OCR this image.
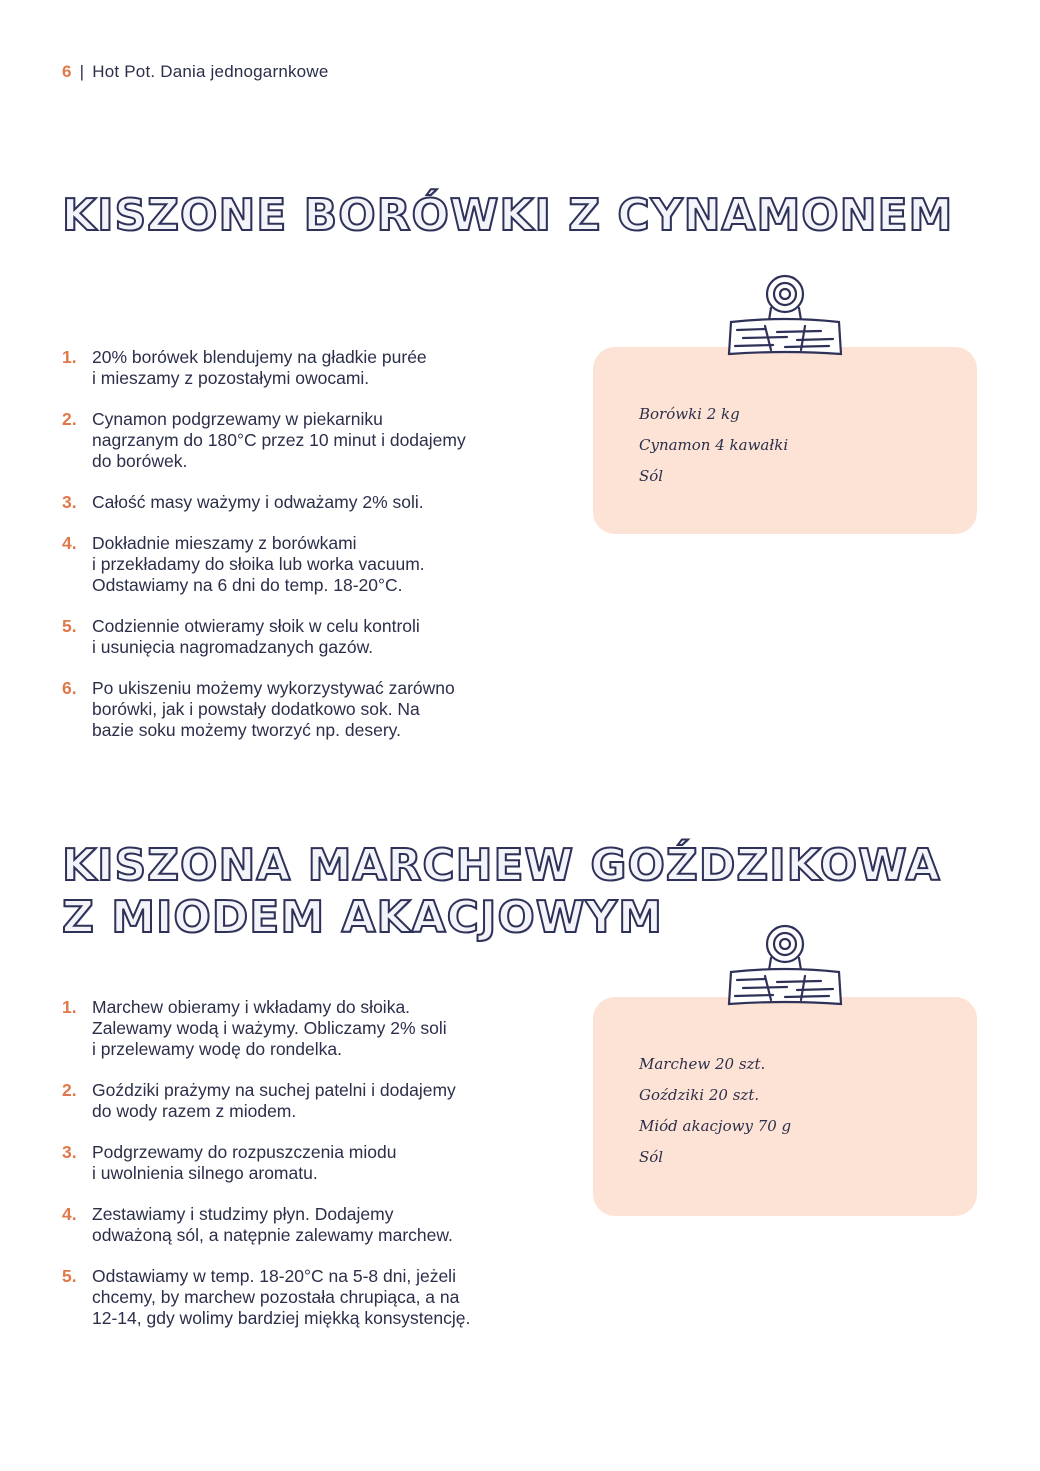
6 | Hot Pot. Dania jednogarnkowe
KISZONE BORÓWKI Z CYNAMONEM
1. 20% borówek blendujemy na gładkie purée
i mieszamy z pozostałymi owocami.
2. Cynamon podgrzewamy w piekarniku
nagrzanym do 180°C przez 10 minut i dodajemy
do borówek.
3. Całość masy ważymy i odważamy 2% soli.
4. Dokładnie mieszamy z borówkami
i przekładamy do słoika lub worka vacuum.
Odstawiamy na 6 dni do temp. 18-20°C.
5. Codziennie otwieramy słoik w celu kontroli
i usunięcia nagromadzanych gazów.
6. Po ukiszeniu możemy wykorzystywać zarówno
borówki, jak i powstały dodatkowo sok. Na
bazie soku możemy tworzyć np. desery.
Borówki 2 kg
Cynamon 4 kawałki
Sól
KISZONA MARCHEW GOŹDZIKOWA
Z MIODEM AKACJOWYM
1. Marchew obieramy i wkładamy do słoika.
Zalewamy wodą i ważymy. Obliczamy 2% soli
i przelewamy wodę do rondelka.
2. Goździki prażymy na suchej patelni i dodajemy
do wody razem z miodem.
3. Podgrzewamy do rozpuszczenia miodu
i uwolnienia silnego aromatu.
4. Zestawiamy i studzimy płyn. Dodajemy
odważoną sól, a natępnie zalewamy marchew.
5. Odstawiamy w temp. 18-20°C na 5-8 dni, jeżeli
chcemy, by marchew pozostała chrupiąca, a na
12-14, gdy wolimy bardziej miękką konsystencję.
Marchew 20 szt.
Goździki 20 szt.
Miód akacjowy 70 g
Sól
